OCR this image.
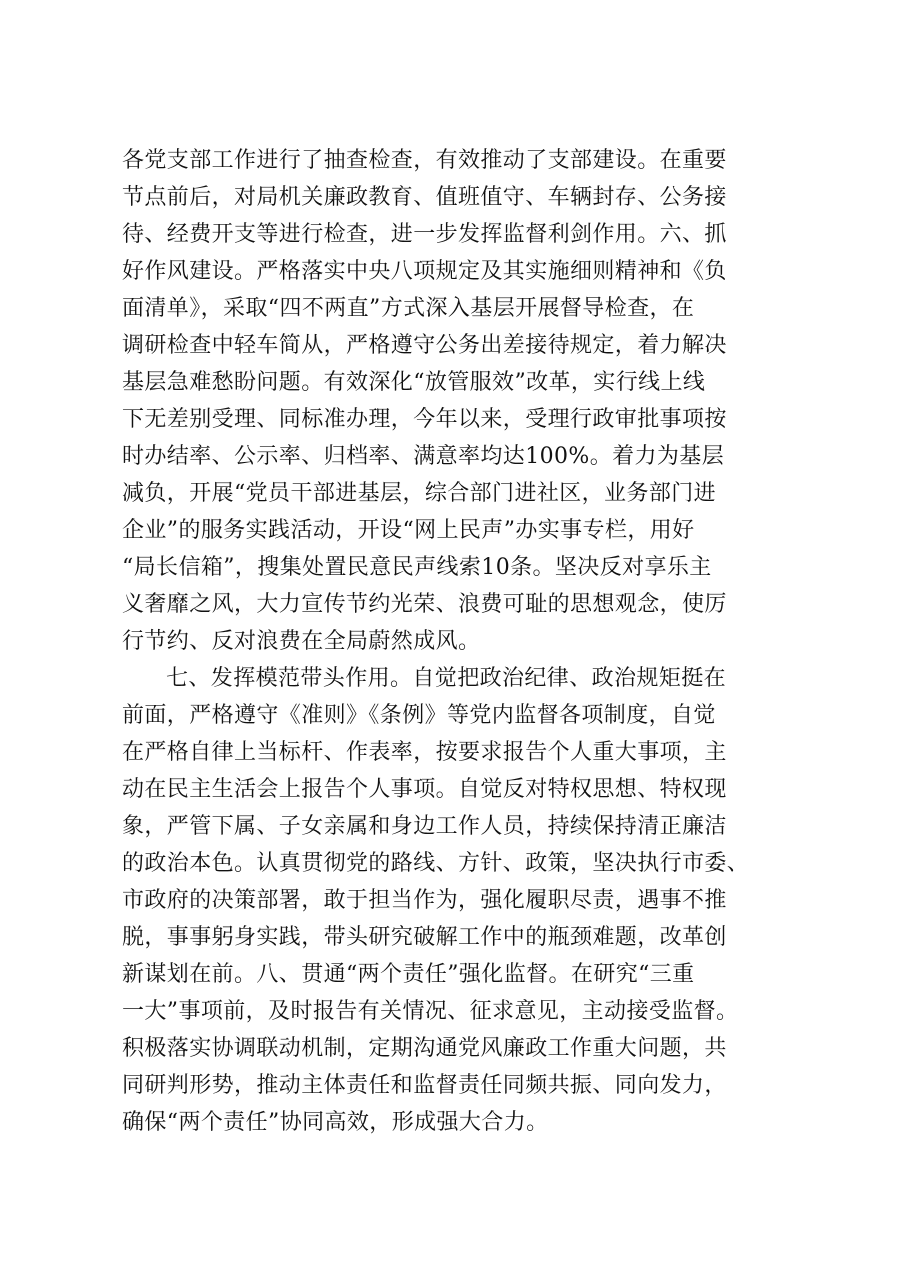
各党支部工作进行了抽查检查，有效推动了支部建设。在重要
节点前后，对局机关廉政教育、值班值守、车辆封存、公务接
待、经费开支等进行检查，进一步发挥监督利剑作用。六、抓
好作风建设。严格落实中央八项规定及其实施细则精神和《负
面清单》，采取“四不两直”方式深入基层开展督导检查，在
调研检查中轻车简从，严格遵守公务出差接待规定，着力解决
基层急难愁盼问题。有效深化“放管服效”改革，实行线上线
下无差别受理、同标准办理，今年以来，受理行政审批事项按
时办结率、公示率、归档率、满意率均达100%。着力为基层
减负，开展“党员干部进基层，综合部门进社区，业务部门进
企业”的服务实践活动，开设“网上民声”办实事专栏，用好
“局长信箱”，搜集处置民意民声线索10条。坚决反对享乐主
义奢靡之风，大力宣传节约光荣、浪费可耻的思想观念，使厉
行节约、反对浪费在全局蔚然成风。
七、发挥模范带头作用。自觉把政治纪律、政治规矩挺在
前面，严格遵守《准则》《条例》等党内监督各项制度，自觉
在严格自律上当标杆、作表率，按要求报告个人重大事项，主
动在民主生活会上报告个人事项。自觉反对特权思想、特权现
象，严管下属、子女亲属和身边工作人员，持续保持清正廉洁
的政治本色。认真贯彻党的路线、方针、政策，坚决执行市委、
市政府的决策部署，敢于担当作为，强化履职尽责，遇事不推
脱，事事躬身实践，带头研究破解工作中的瓶颈难题，改革创
新谋划在前。八、贯通“两个责任”强化监督。在研究“三重
一大”事项前，及时报告有关情况、征求意见，主动接受监督。
积极落实协调联动机制，定期沟通党风廉政工作重大问题，共
同研判形势，推动主体责任和监督责任同频共振、同向发力，
确保“两个责任”协同高效，形成强大合力。
